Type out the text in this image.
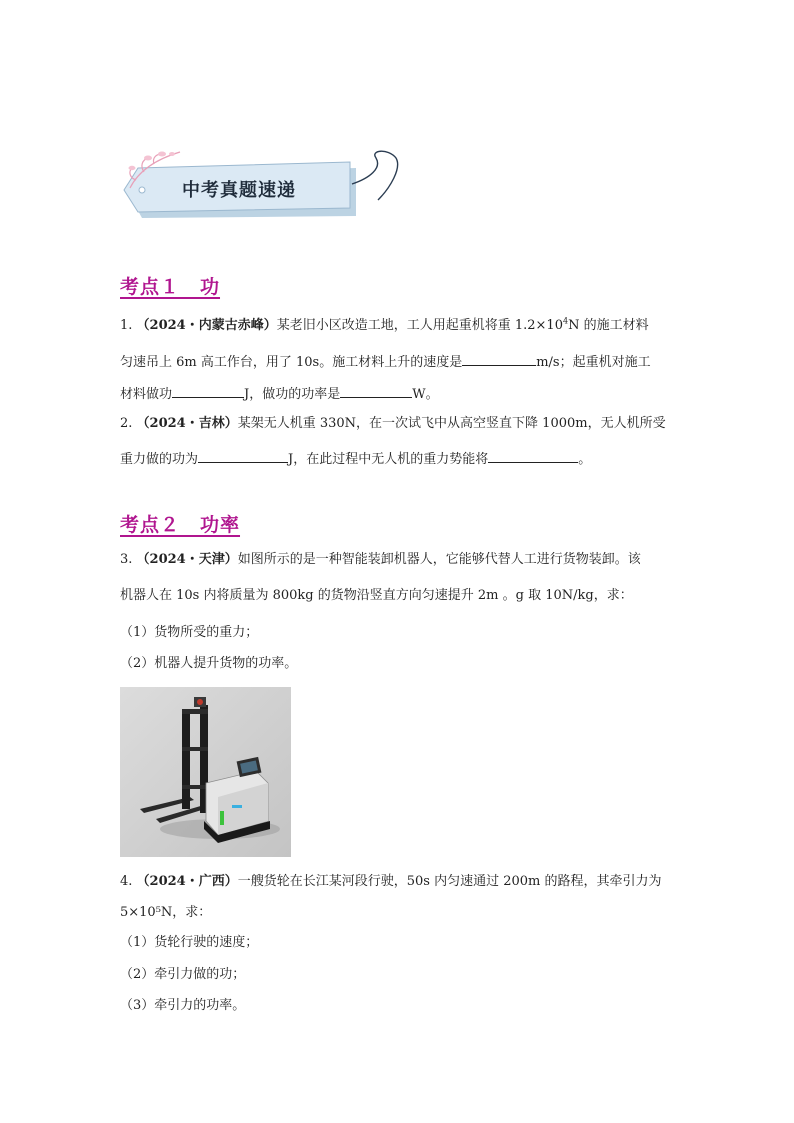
中考真题速递
考点１　功
1. （2024・内蒙古赤峰）某老旧小区改造工地，工人用起重机将重 $1.2\times 10^4N$ 的施工材料
匀速吊上 6m 高工作台，用了 10s。施工材料上升的速度是	m/s；起重机对施工
材料做功	J，做功的功率是	W。
2. （2024・吉林）某架无人机重 330N，在一次试飞中从高空竖直下降 1000m，无人机所受
重力做的功为	J，在此过程中无人机的重力势能将	。
考点２　功率
3. （2024・天津）如图所示的是一种智能装卸机器人，它能够代替人工进行货物装卸。该
机器人在 10s 内将质量为 800kg 的货物沿竖直方向匀速提升 2m 。g 取 10N/kg，求：
（1）货物所受的重力；
（2）机器人提升货物的功率。
4. （2024・广西）一艘货轮在长江某河段行驶，50s 内匀速通过 200m 的路程，其牵引力为
5×10⁵N，求：
（1）货轮行驶的速度；
（2）牵引力做的功；
（3）牵引力的功率。
